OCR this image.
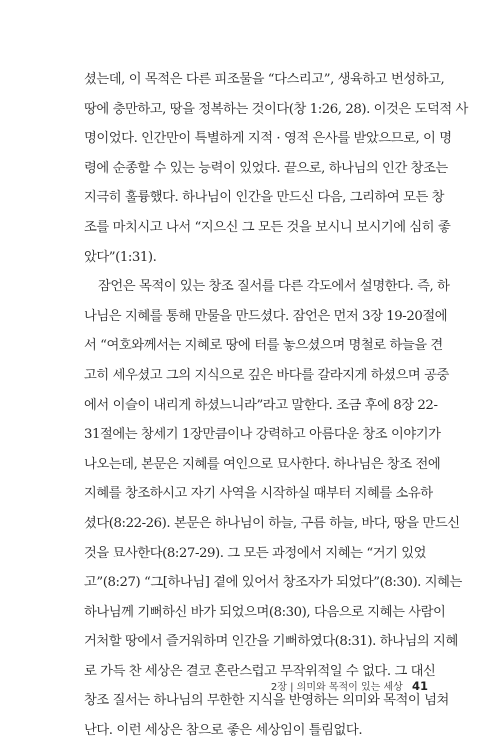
셨는데, 이 목적은 다른 피조물을 “다스리고”, 생육하고 번성하고,
땅에 충만하고, 땅을 정복하는 것이다(창 1:26, 28). 이것은 도덕적 사
명이었다. 인간만이 특별하게 지적 · 영적 은사를 받았으므로, 이 명
령에 순종할 수 있는 능력이 있었다. 끝으로, 하나님의 인간 창조는
지극히 훌륭했다. 하나님이 인간을 만드신 다음, 그리하여 모든 창
조를 마치시고 나서 “지으신 그 모든 것을 보시니 보시기에 심히 좋
았다”(1:31).
잠언은 목적이 있는 창조 질서를 다른 각도에서 설명한다. 즉, 하
나님은 지혜를 통해 만물을 만드셨다. 잠언은 먼저 3장 19-20절에
서 “여호와께서는 지혜로 땅에 터를 놓으셨으며 명철로 하늘을 견
고히 세우셨고 그의 지식으로 깊은 바다를 갈라지게 하셨으며 공중
에서 이슬이 내리게 하셨느니라”라고 말한다. 조금 후에 8장 22-
31절에는 창세기 1장만큼이나 강력하고 아름다운 창조 이야기가
나오는데, 본문은 지혜를 여인으로 묘사한다. 하나님은 창조 전에
지혜를 창조하시고 자기 사역을 시작하실 때부터 지혜를 소유하
셨다(8:22-26). 본문은 하나님이 하늘, 구름 하늘, 바다, 땅을 만드신
것을 묘사한다(8:27-29). 그 모든 과정에서 지혜는 “거기 있었
고”(8:27) “그[하나님] 곁에 있어서 창조자가 되었다”(8:30). 지혜는
하나님께 기뻐하신 바가 되었으며(8:30), 다음으로 지혜는 사람이
거처할 땅에서 즐거워하며 인간을 기뻐하였다(8:31). 하나님의 지혜
로 가득 찬 세상은 결코 혼란스럽고 무작위적일 수 없다. 그 대신
창조 질서는 하나님의 무한한 지식을 반영하는 의미와 목적이 넘쳐
난다. 이런 세상은 참으로 좋은 세상임이 틀림없다.
2장 | 의미와 목적이 있는 세상 41
